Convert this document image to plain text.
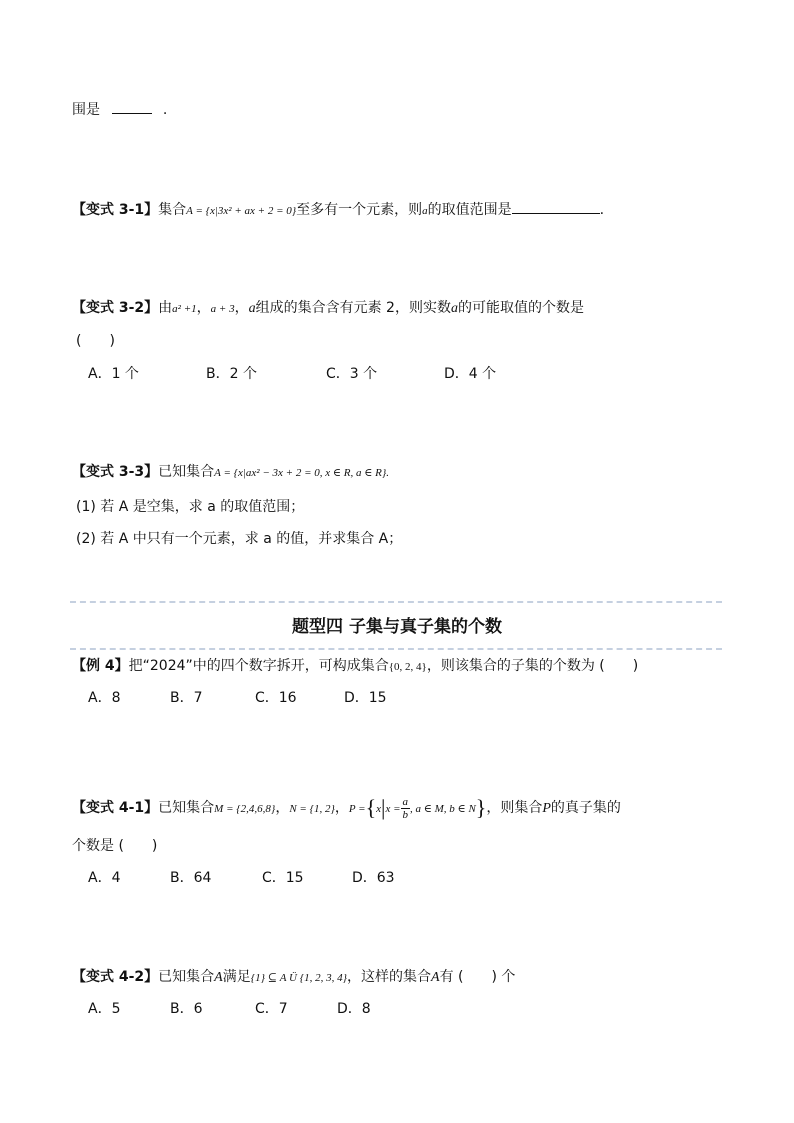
围是	.
【变式 3-1】集合A = {x|3x² + ax + 2 = 0}至多有一个元素，则a的取值范围是	.
【变式 3-2】由a² +1，a + 3，a组成的集合含有元素 2，则实数a的可能取值的个数是
(　　)
A．1 个	B．2 个	C．3 个	D．4 个
【变式 3-3】已知集合A = {x|ax² − 3x + 2 = 0, x ∈ R, a ∈ R}.
(1) 若 A 是空集，求 a 的取值范围；
(2) 若 A 中只有一个元素，求 a 的值，并求集合 A；
题型四 子集与真子集的个数
【例 4】把“2024”中的四个数字拆开，可构成集合{0, 2, 4}，则该集合的子集的个数为 (　　)
A．8	B．7	C．16	D．15
【变式 4-1】已知集合M = {2,4,6,8}，N = {1, 2}，$P =\{x|x = \frac{a}{b}$ , a ∈ M, b ∈ N}，则集合P的真子集的
个数是 (　　)
A．4	B．64	C．15	D．63
【变式 4-2】已知集合A满足{1} ⊆ A Ü {1, 2, 3, 4}，这样的集合A有 (　　) 个
A．5	B．6	C．7	D．8
